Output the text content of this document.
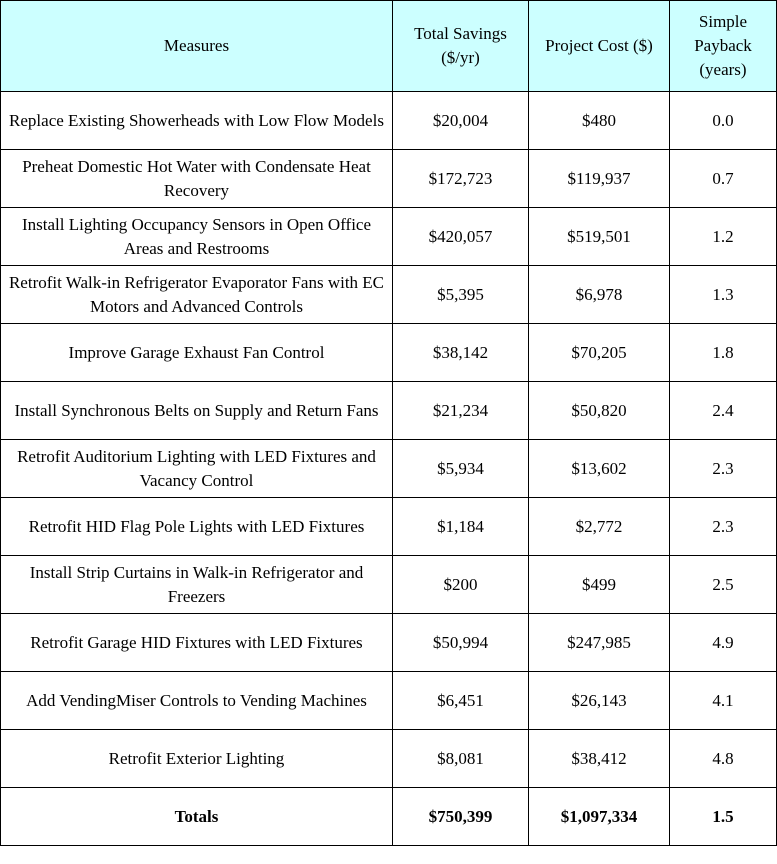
Measures	Total Savings ($/yr)	Project Cost ($)	Simple Payback (years)
Replace Existing Showerheads with Low Flow Models	$20,004	$480	0.0
Preheat Domestic Hot Water with Condensate Heat Recovery	$172,723	$119,937	0.7
Install Lighting Occupancy Sensors in Open Office Areas and Restrooms	$420,057	$519,501	1.2
Retrofit Walk-in Refrigerator Evaporator Fans with EC Motors and Advanced Controls	$5,395	$6,978	1.3
Improve Garage Exhaust Fan Control	$38,142	$70,205	1.8
Install Synchronous Belts on Supply and Return Fans	$21,234	$50,820	2.4
Retrofit Auditorium Lighting with LED Fixtures and Vacancy Control	$5,934	$13,602	2.3
Retrofit HID Flag Pole Lights with LED Fixtures	$1,184	$2,772	2.3
Install Strip Curtains in Walk-in Refrigerator and Freezers	$200	$499	2.5
Retrofit Garage HID Fixtures with LED Fixtures	$50,994	$247,985	4.9
Add VendingMiser Controls to Vending Machines	$6,451	$26,143	4.1
Retrofit Exterior Lighting	$8,081	$38,412	4.8
Totals	$750,399	$1,097,334	1.5
